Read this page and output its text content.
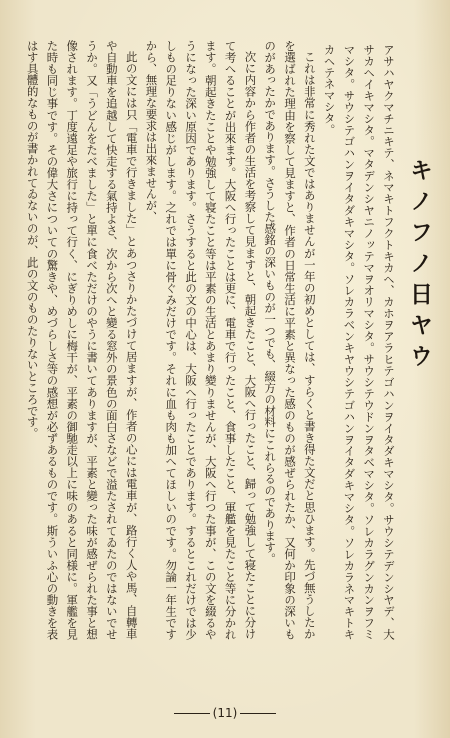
キノフノ日ヤウ

アサハヤクマチニキテ、ネマキトフクトキカヘ、カホヲアラヒテゴハンヲイタダキマシタ。サウシテデンシヤデ、大サカヘイキマシタ。マタデンシヤニノッテマヲオリマシタ。サウシテウドンヲタベマシタ。ソレカラグンカンヲフミマシタ。サウシテゴハンヲイタダキマシタ。ソレカラベンキヤウシテゴハンヲイタダキマシタ。ソレカラネマキトキカヘテネマシタ。

これは非常に秀れた文ではありませんが一年の初めとしては、すらくと書き得た文だと思ひます。先づ無うしたかを選ばれた理由を察して見ますと、作者の日常生活に平素と異なった感のものが感ぜられたか、又何か印象の深いものがあったかであります。さうした感銘の深いものが一つでも、綴方の材料にこれらるのであります。

次に内容から作者の生活を考察して見ますと、朝起きたこと、大阪へ行ったこと、歸って勉強して寝たことに分けて考へることが出來ます。大阪へ行ったことは更に、電車で行ったこと、食事したこと、軍艦を見たこと等に分かれます。朝起きたことや勉強して寝たこと等は平素の生活とあまり變りませんが、大阪へ行つた事が、この文を綴るやうになった深い原因であります。さうすると此の文の中心は、大阪へ行ったことであります。するとこれだけでは少しもの足りない感じがします。之れでは單に骨ぐみだけです。それに血も肉も加へてほしいのです。勿論一年生ですから、無理な要求は出來ませんが、

此の文には只「電車で行きました」とあつさりかたづけて居ますが、作者の心には電車が、路行く人や馬、自轉車や自動車を追越して快走する氣持よさ、次から次へと變る窓外の景色の面白さなどで溢たされてゐたのではないでせうか。又「うどんをたべました」と單に食べただけのやうに書いてありますが、平素と變った味が感ぜられた事と想像されます。丁度遠足や旅行に持って行く、にぎりめしに梅干が、平素の御馳走以上に味のあると同様に。軍艦を見た時も同じ事です。その偉大さについての驚きや、めづらしさ等の感想が必ずあるものです。斯ういふ心の動きを表はす具體的なものが書かれてゐないのが、此の文のものたりないところです。

(11)
